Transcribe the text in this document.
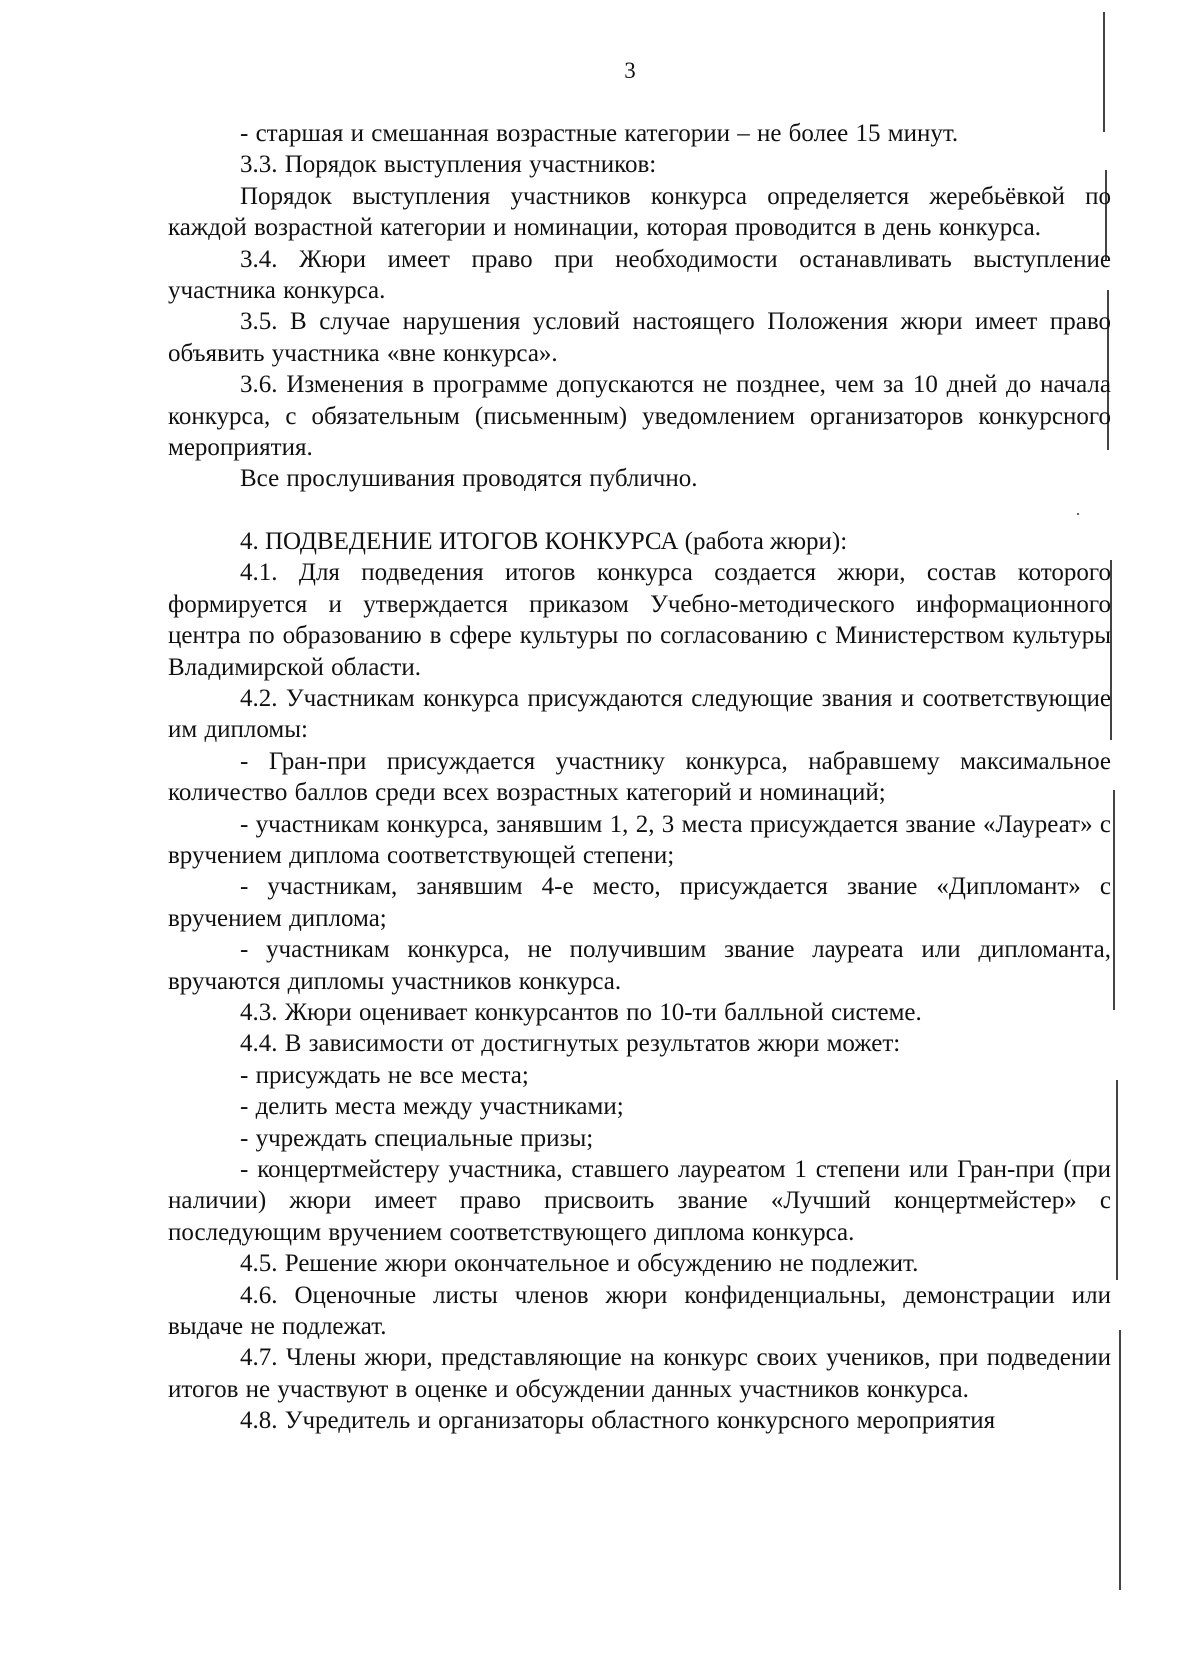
3

- старшая и смешанная возрастные категории – не более 15 минут.

3.3. Порядок выступления участников:

Порядок выступления участников конкурса определяется жеребьёвкой по каждой возрастной категории и номинации, которая проводится в день конкурса.

3.4. Жюри имеет право при необходимости останавливать выступление участника конкурса.

3.5. В случае нарушения условий настоящего Положения жюри имеет право объявить участника «вне конкурса».

3.6. Изменения в программе допускаются не позднее, чем за 10 дней до начала конкурса, с обязательным (письменным) уведомлением организаторов конкурсного мероприятия.

Все прослушивания проводятся публично.

4. ПОДВЕДЕНИЕ ИТОГОВ КОНКУРСА (работа жюри):

4.1. Для подведения итогов конкурса создается жюри, состав которого формируется и утверждается приказом Учебно-методического информационного центра по образованию в сфере культуры по согласованию с Министерством культуры Владимирской области.

4.2. Участникам конкурса присуждаются следующие звания и соответствующие им дипломы:

- Гран-при присуждается участнику конкурса, набравшему максимальное количество баллов среди всех возрастных категорий и номинаций;

- участникам конкурса, занявшим 1, 2, 3 места присуждается звание «Лауреат» с вручением диплома соответствующей степени;

- участникам, занявшим 4-е место, присуждается звание «Дипломант» с вручением диплома;

- участникам конкурса, не получившим звание лауреата или дипломанта, вручаются дипломы участников конкурса.

4.3. Жюри оценивает конкурсантов по 10-ти балльной системе.

4.4. В зависимости от достигнутых результатов жюри может:

- присуждать не все места;

- делить места между участниками;

- учреждать специальные призы;

- концертмейстеру участника, ставшего лауреатом 1 степени или Гран-при (при наличии) жюри имеет право присвоить звание «Лучший концертмейстер» с последующим вручением соответствующего диплома конкурса.

4.5. Решение жюри окончательное и обсуждению не подлежит.

4.6. Оценочные листы членов жюри конфиденциальны, демонстрации или выдаче не подлежат.

4.7. Члены жюри, представляющие на конкурс своих учеников, при подведении итогов не участвуют в оценке и обсуждении данных участников конкурса.

4.8. Учредитель и организаторы областного конкурсного мероприятия
